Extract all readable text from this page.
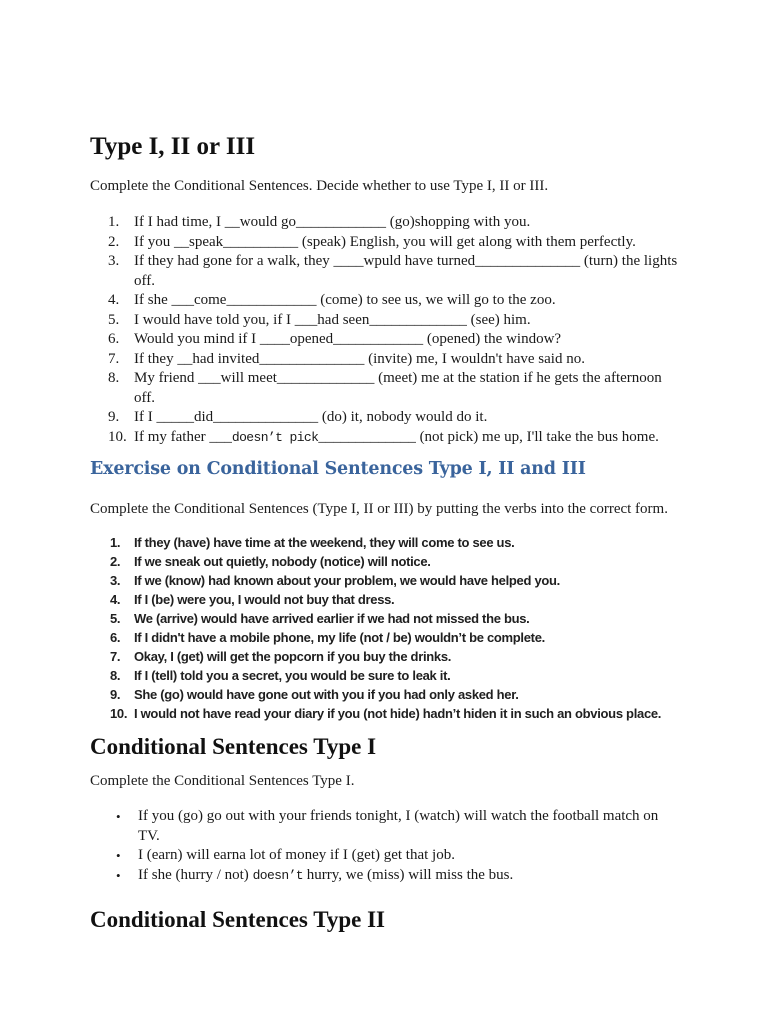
Type I, II or III

Complete the Conditional Sentences. Decide whether to use Type I, II or III.

1. If I had time, I __would go____________ (go)shopping with you.
2. If you __speak__________ (speak) English, you will get along with them perfectly.
3. If they had gone for a walk, they ____wpuld have turned______________ (turn) the lights off.
4. If she ___come____________ (come) to see us, we will go to the zoo.
5. I would have told you, if I ___had seen_____________ (see) him.
6. Would you mind if I ____opened____________ (opened) the window?
7. If they __had invited______________ (invite) me, I wouldn't have said no.
8. My friend ___will meet_____________ (meet) me at the station if he gets the afternoon off.
9. If I _____did______________ (do) it, nobody would do it.
10. If my father ___doesn’t pick_____________ (not pick) me up, I'll take the bus home.
Exercise on Conditional Sentences Type I, II and III

Complete the Conditional Sentences (Type I, II or III) by putting the verbs into the correct form.

1.	If they (have) have time at the weekend, they will come to see us.
2.	If we sneak out quietly, nobody (notice) will notice.
3.	If we (know) had known about your problem, we would have helped you.
4.	If I (be) were you, I would not buy that dress.
5.	We (arrive) would have arrived earlier if we had not missed the bus.
6.	If I didn't have a mobile phone, my life (not / be) wouldn’t be complete.
7.	Okay, I (get) will get the popcorn if you buy the drinks.
8.	If I (tell) told you a secret, you would be sure to leak it.
9.	She (go) would have gone out with you if you had only asked her.
10. I would not have read your diary if you (not hide) hadn’t hiden it in such an obvious place.
Conditional Sentences Type I

Complete the Conditional Sentences Type I.

•	If you (go) go out with your friends tonight, I (watch) will watch the football match on TV.
•	I (earn) will earna lot of money if I (get) get that job.
•	If she (hurry / not) doesn’t hurry, we (miss) will miss the bus.
Conditional Sentences Type II
